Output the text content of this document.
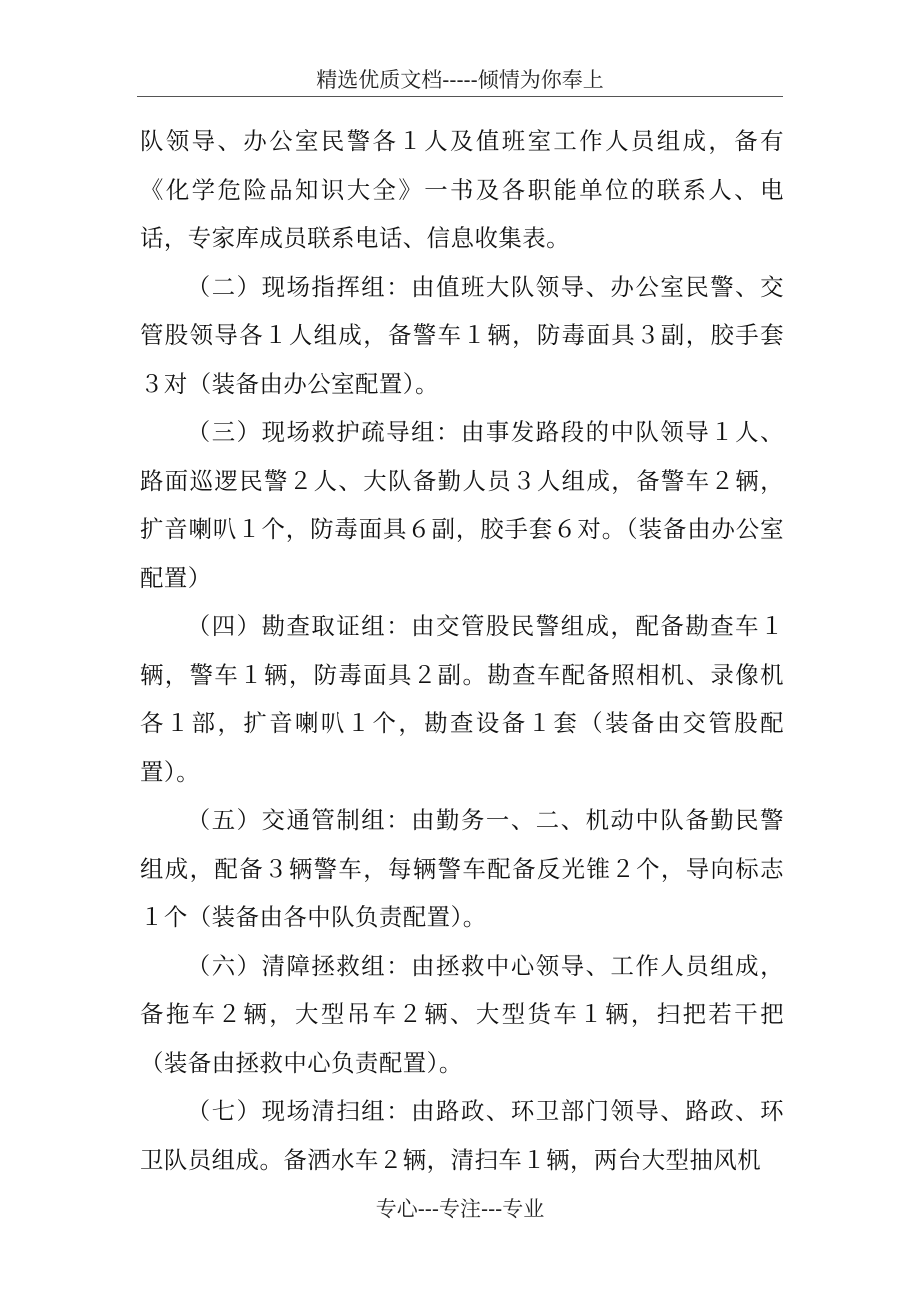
精选优质文档-----倾情为你奉上

队领导、办公室民警各１人及值班室工作人员组成，备有《化学危险品知识大全》一书及各职能单位的联系人、电话，专家库成员联系电话、信息收集表。

（二）现场指挥组：由值班大队领导、办公室民警、交管股领导各１人组成，备警车１辆，防毒面具３副，胶手套３对（装备由办公室配置）。

（三）现场救护疏导组：由事发路段的中队领导１人、路面巡逻民警２人、大队备勤人员３人组成，备警车２辆，扩音喇叭１个，防毒面具６副，胶手套６对。（装备由办公室配置）

（四）勘查取证组：由交管股民警组成，配备勘查车１辆，警车１辆，防毒面具２副。勘查车配备照相机、录像机各１部，扩音喇叭１个，勘查设备１套（装备由交管股配置）。

（五）交通管制组：由勤务一、二、机动中队备勤民警组成，配备３辆警车，每辆警车配备反光锥２个，导向标志１个（装备由各中队负责配置）。

（六）清障拯救组：由拯救中心领导、工作人员组成，备拖车２辆，大型吊车２辆、大型货车１辆，扫把若干把（装备由拯救中心负责配置）。

（七）现场清扫组：由路政、环卫部门领导、路政、环卫队员组成。备洒水车２辆，清扫车１辆，两台大型抽风机

专心---专注---专业
